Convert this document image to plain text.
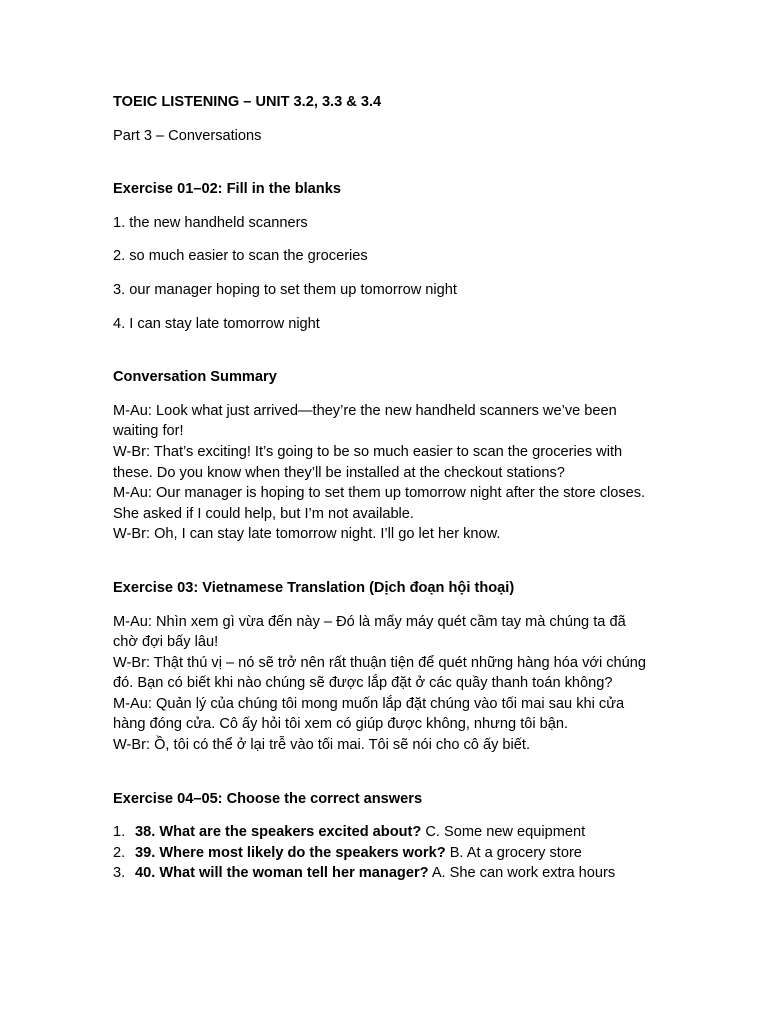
TOEIC LISTENING – UNIT 3.2, 3.3 & 3.4

Part 3 – Conversations

Exercise 01–02: Fill in the blanks

1. the new handheld scanners

2. so much easier to scan the groceries

3. our manager hoping to set them up tomorrow night

4. I can stay late tomorrow night

Conversation Summary

M-Au: Look what just arrived—they’re the new handheld scanners we’ve been waiting for!
W-Br: That’s exciting! It’s going to be so much easier to scan the groceries with these. Do you know when they’ll be installed at the checkout stations?
M-Au: Our manager is hoping to set them up tomorrow night after the store closes. She asked if I could help, but I’m not available.
W-Br: Oh, I can stay late tomorrow night. I’ll go let her know.

Exercise 03: Vietnamese Translation (Dịch đoạn hội thoại)

M-Au: Nhìn xem gì vừa đến này – Đó là mấy máy quét cầm tay mà chúng ta đã chờ đợi bấy lâu!
W-Br: Thật thú vị – nó sẽ trở nên rất thuận tiện để quét những hàng hóa với chúng đó. Bạn có biết khi nào chúng sẽ được lắp đặt ở các quầy thanh toán không?
M-Au: Quản lý của chúng tôi mong muốn lắp đặt chúng vào tối mai sau khi cửa hàng đóng cửa. Cô ấy hỏi tôi xem có giúp được không, nhưng tôi bận.
W-Br: Ồ, tôi có thể ở lại trễ vào tối mai. Tôi sẽ nói cho cô ấy biết.

Exercise 04–05: Choose the correct answers

1. 38. What are the speakers excited about? C. Some new equipment
2. 39. Where most likely do the speakers work? B. At a grocery store
3. 40. What will the woman tell her manager? A. She can work extra hours
